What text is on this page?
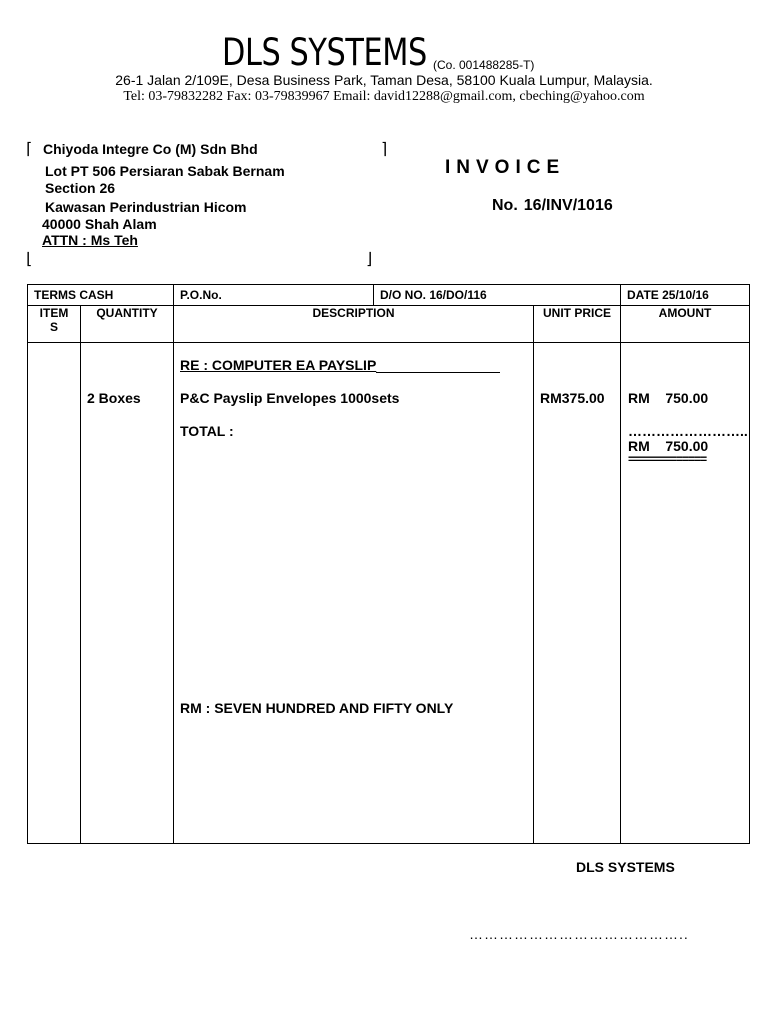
DLS SYSTEMS (Co. 001488285-T)
26-1 Jalan 2/109E, Desa Business Park, Taman Desa, 58100 Kuala Lumpur, Malaysia.
Tel: 03-79832282 Fax: 03-79839967 Email: david12288@gmail.com, cbeching@yahoo.com
⌈	⌉
⌊	⌋
Chiyoda Integre Co (M) Sdn Bhd
Lot PT 506 Persiaran Sabak Bernam
Section 26
Kawasan Perindustrian Hicom
40000 Shah Alam
ATTN : Ms Teh
INVOICE
No. 16/INV/1016
TERMS CASH		P.O.No.	D/O NO. 16/DO/116		DATE 25/10/16

ITEM
S	QUANTITY	DESCRIPTION		UNIT PRICE	AMOUNT

RE : COMPUTER EA PAYSLIP
2 Boxes	P&C Payslip Envelopes 1000sets	RM375.00 RM    750.00
TOTAL :	……………………..
RM    750.00
=============
RM : SEVEN HUNDRED AND FIFTY ONLY
DLS SYSTEMS
……………………………………..
